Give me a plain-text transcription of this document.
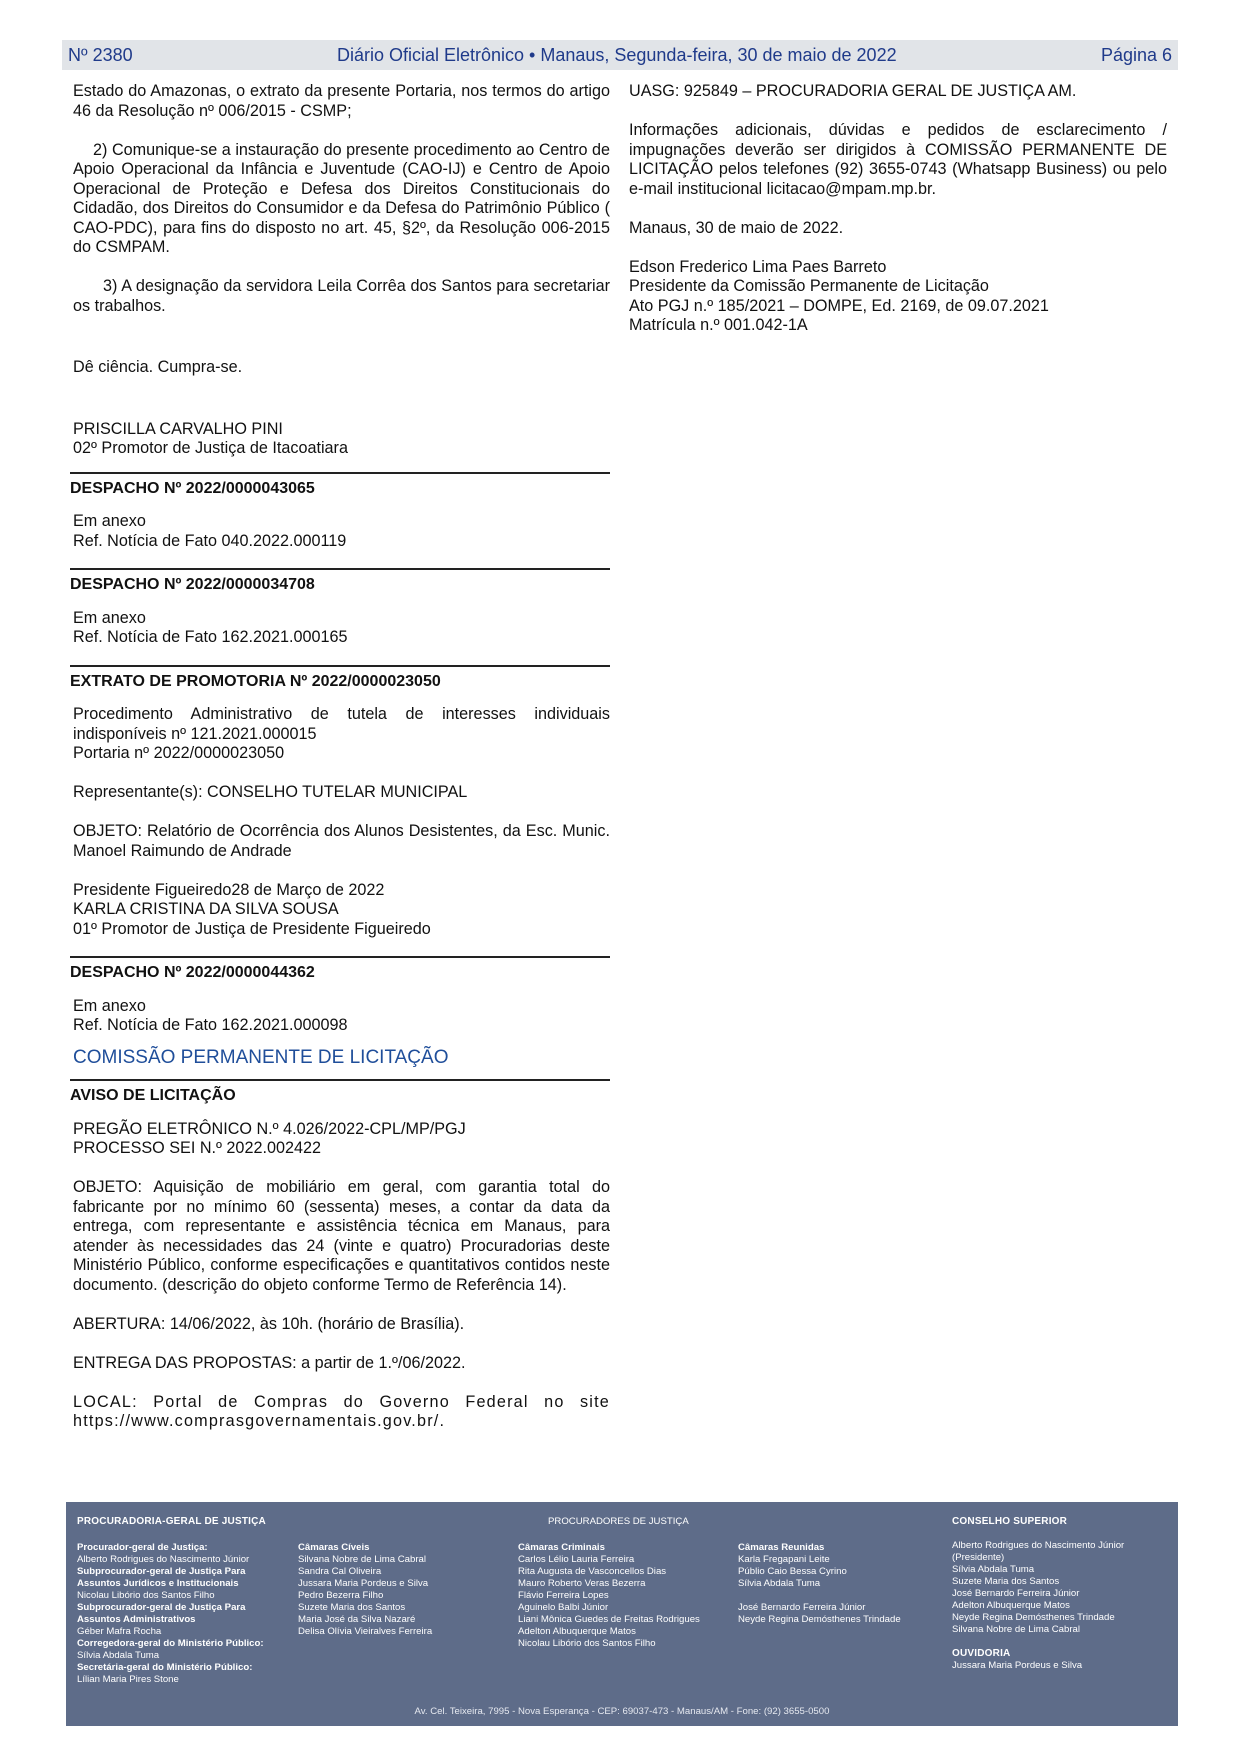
Nº 2380	Diário Oficial Eletrônico • Manaus, Segunda-feira, 30 de maio de 2022	Página 6

Estado do Amazonas, o extrato da presente Portaria, nos termos do artigo 46 da Resolução nº 006/2015 - CSMP;

2) Comunique-se a instauração do presente procedimento ao Centro de Apoio Operacional da Infância e Juventude (CAO-IJ) e Centro de Apoio Operacional de Proteção e Defesa dos Direitos Constitucionais do Cidadão, dos Direitos do Consumidor e da Defesa do Patrimônio Público ( CAO-PDC), para fins do disposto no art. 45, §2º, da Resolução 006-2015 do CSMPAM.

3) A designação da servidora Leila Corrêa dos Santos para secretariar os trabalhos.

Dê ciência. Cumpra-se.

PRISCILLA CARVALHO PINI
02º Promotor de Justiça de Itacoatiara

DESPACHO Nº 2022/0000043065

Em anexo
Ref. Notícia de Fato 040.2022.000119

DESPACHO Nº 2022/0000034708

Em anexo
Ref. Notícia de Fato 162.2021.000165

EXTRATO DE PROMOTORIA Nº 2022/0000023050

Procedimento Administrativo de tutela de interesses individuais indisponíveis nº 121.2021.000015
Portaria nº 2022/0000023050

Representante(s): CONSELHO TUTELAR MUNICIPAL

OBJETO: Relatório de Ocorrência dos Alunos Desistentes, da Esc. Munic. Manoel Raimundo de Andrade

Presidente Figueiredo28 de Março de 2022
KARLA CRISTINA DA SILVA SOUSA
01º Promotor de Justiça de Presidente Figueiredo

DESPACHO Nº 2022/0000044362

Em anexo
Ref. Notícia de Fato 162.2021.000098

COMISSÃO PERMANENTE DE LICITAÇÃO
AVISO DE LICITAÇÃO

PREGÃO ELETRÔNICO N.º 4.026/2022-CPL/MP/PGJ
PROCESSO SEI N.º 2022.002422

OBJETO: Aquisição de mobiliário em geral, com garantia total do fabricante por no mínimo 60 (sessenta) meses, a contar da data da entrega, com representante e assistência técnica em Manaus, para atender às necessidades das 24 (vinte e quatro) Procuradorias deste Ministério Público, conforme especificações e quantitativos contidos neste documento. (descrição do objeto conforme Termo de Referência 14).

ABERTURA: 14/06/2022, às 10h. (horário de Brasília).

ENTREGA DAS PROPOSTAS: a partir de 1.º/06/2022.

LOCAL: Portal de Compras do Governo Federal no site https://www.comprasgovernamentais.gov.br/.

UASG: 925849 – PROCURADORIA GERAL DE JUSTIÇA AM.

Informações adicionais, dúvidas e pedidos de esclarecimento / impugnações deverão ser dirigidos à COMISSÃO PERMANENTE DE LICITAÇÃO pelos telefones (92) 3655-0743 (Whatsapp Business) ou pelo e-mail institucional licitacao@mpam.mp.br.

Manaus, 30 de maio de 2022.

Edson Frederico Lima Paes Barreto
Presidente da Comissão Permanente de Licitação
Ato PGJ n.º 185/2021 – DOMPE, Ed. 2169, de 09.07.2021
Matrícula n.º 001.042-1A

PROCURADORIA-GERAL DE JUSTIÇA
Procurador-geral de Justiça:
Alberto Rodrigues do Nascimento Júnior
Subprocurador-geral de Justiça Para
Assuntos Jurídicos e Institucionais
Nicolau Libório dos Santos Filho
Subprocurador-geral de Justiça Para
Assuntos Administrativos
Géber Mafra Rocha
Corregedora-geral do Ministério Público:
Sílvia Abdala Tuma
Secretária-geral do Ministério Público:
Lílian Maria Pires Stone
PROCURADORES DE JUSTIÇA
Câmaras Cíveis
Silvana Nobre de Lima Cabral
Sandra Cal Oliveira
Jussara Maria Pordeus e Silva
Pedro Bezerra Filho
Suzete Maria dos Santos
Maria José da Silva Nazaré
Delisa Olívia Vieiralves Ferreira
Câmaras Criminais
Carlos Lélio Lauria Ferreira
Rita Augusta de Vasconcellos Dias
Mauro Roberto Veras Bezerra
Flávio Ferreira Lopes
Aguinelo Balbi Júnior
Liani Mônica Guedes de Freitas Rodrigues
Adelton Albuquerque Matos
Nicolau Libório dos Santos Filho
Câmaras Reunidas
Karla Fregapani Leite
Públio Caio Bessa Cyrino
Sílvia Abdala Tuma
José Bernardo Ferreira Júnior
Neyde Regina Demósthenes Trindade
CONSELHO SUPERIOR
Alberto Rodrigues do Nascimento Júnior
(Presidente)
Sílvia Abdala Tuma
Suzete Maria dos Santos
José Bernardo Ferreira Júnior
Adelton Albuquerque Matos
Neyde Regina Demósthenes Trindade
Silvana Nobre de Lima Cabral
OUVIDORIA
Jussara Maria Pordeus e Silva
Av. Cel. Teixeira, 7995 - Nova Esperança - CEP: 69037-473 - Manaus/AM - Fone: (92) 3655-0500
